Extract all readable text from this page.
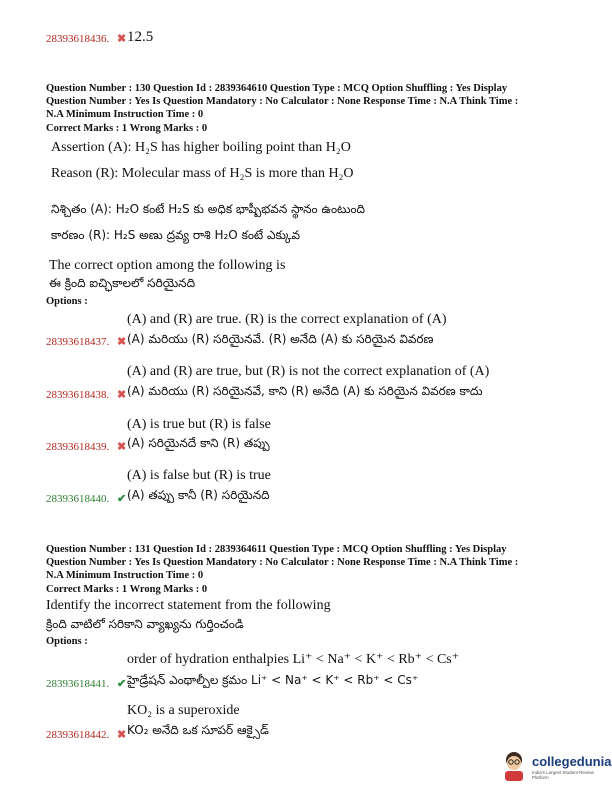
28393618436. ✖ 12.5
Question Number : 130 Question Id : 2839364610 Question Type : MCQ Option Shuffling : Yes Display
Question Number : Yes Is Question Mandatory : No Calculator : None Response Time : N.A Think Time :
N.A Minimum Instruction Time : 0
Correct Marks : 1 Wrong Marks : 0
Assertion (A): H₂S has higher boiling point than H₂O
Reason (R): Molecular mass of H₂S is more than H₂O
నిశ్చితం (A): H₂O కంటే H₂S కు అధిక భాష్పీభవన స్థానం ఉంటుంది
కారణం (R): H₂S అణు ద్రవ్య రాశి H₂O కంటే ఎక్కువ
The correct option among the following is
ఈ క్రింది ఐచ్ఛికాలలో సరియైనది
Options :
(A) and (R) are true. (R) is the correct explanation of (A)
28393618437. ✖ (A) మరియు (R) సరియైనవే. (R) అనేది (A) కు సరియైన వివరణ
(A) and (R) are true, but (R) is not the correct explanation of (A)
28393618438. ✖ (A) మరియు (R) సరియైనవే, కాని (R) అనేది (A) కు సరియైన వివరణ కాదు
(A) is true but (R) is false
28393618439. ✖ (A) సరియైనదే కాని (R) తప్పు
(A) is false but (R) is true
28393618440. ✔ (A) తప్పు కానీ (R) సరియైనది
Question Number : 131 Question Id : 2839364611 Question Type : MCQ Option Shuffling : Yes Display
Question Number : Yes Is Question Mandatory : No Calculator : None Response Time : N.A Think Time :
N.A Minimum Instruction Time : 0
Correct Marks : 1 Wrong Marks : 0
Identify the incorrect statement from the following
క్రింది వాటిలో సరికాని వ్యాఖ్యను గుర్తించండి
Options :
order of hydration enthalpies Li⁺ < Na⁺ < K⁺ < Rb⁺ < Cs⁺
28393618441. ✔ హైడ్రేషన్ ఎంథాల్పీల క్రమం Li⁺ < Na⁺ < K⁺ < Rb⁺ < Cs⁺
KO₂ is a superoxide
28393618442. ✖ KO₂ అనేది ఒక సూపర్ ఆక్సైడ్
collegedunia
India's Largest Student Review Platform
